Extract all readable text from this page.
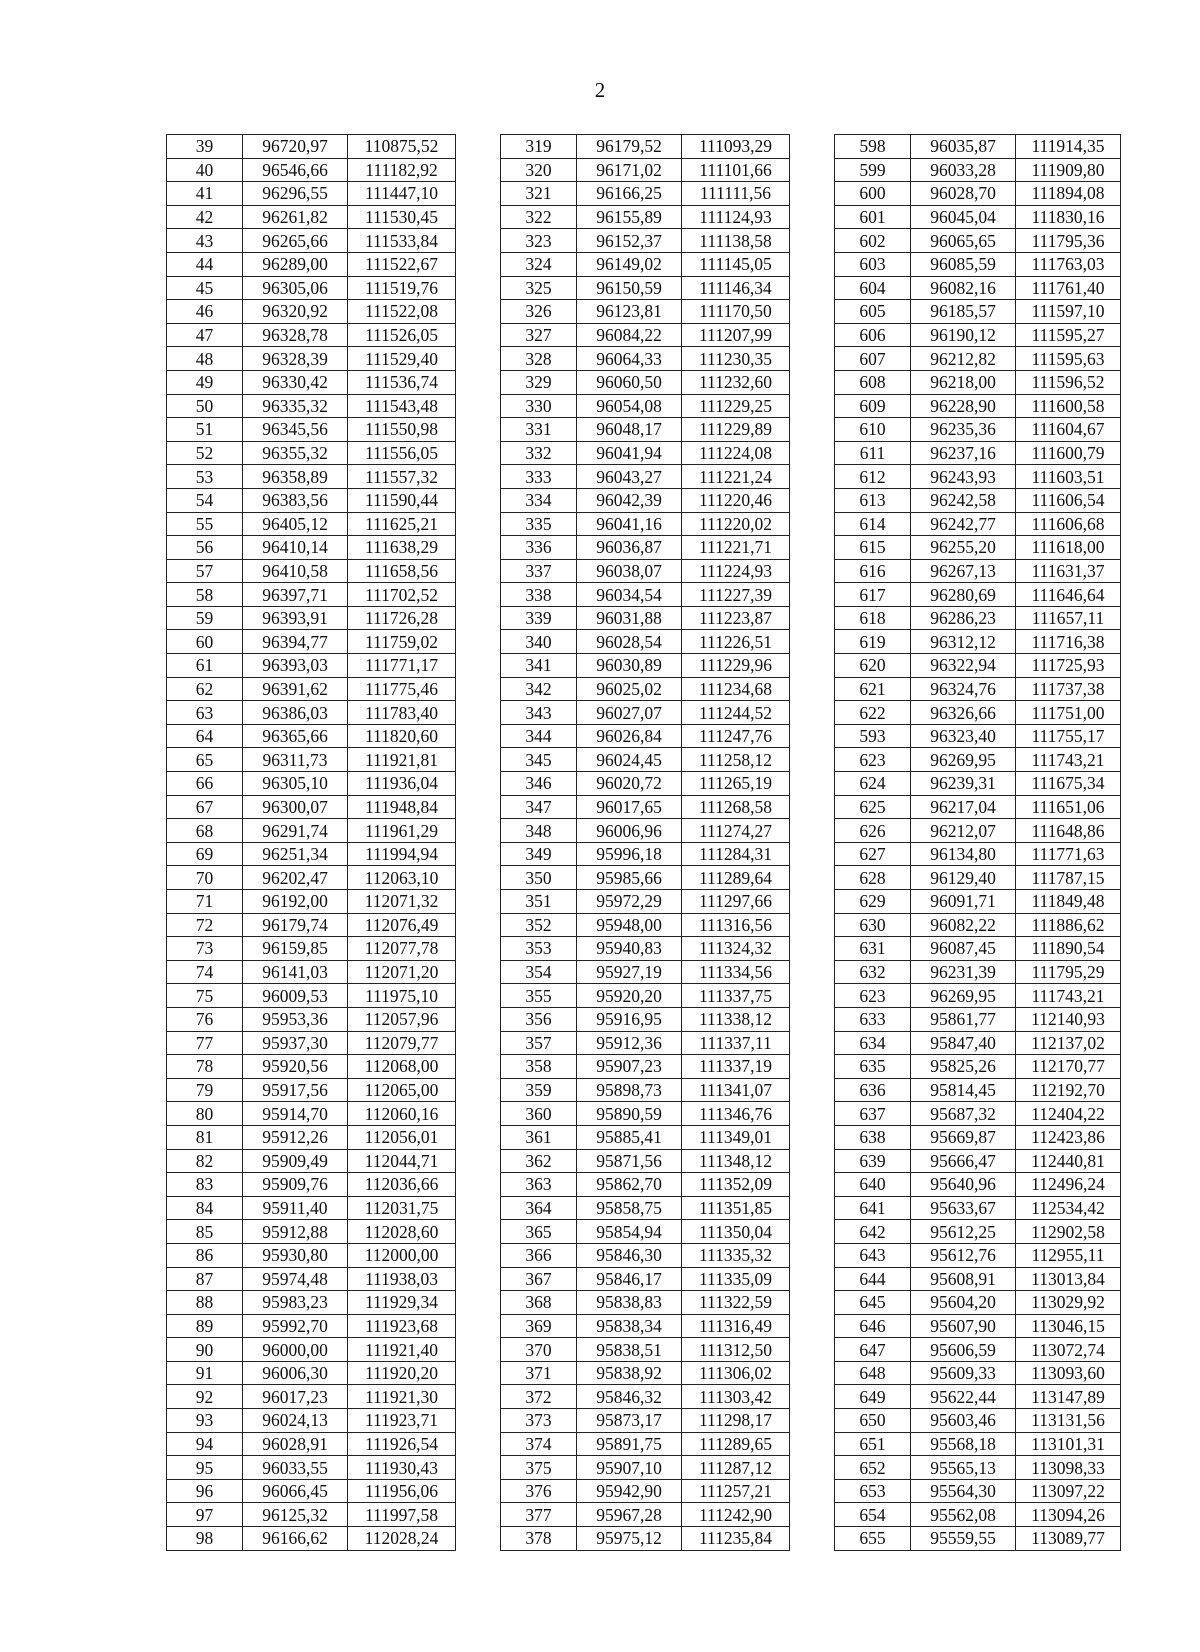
2
39	96720,97	110875,52		319	96179,52	111093,29		598	96035,87	111914,35
40	96546,66	111182,92		320	96171,02	111101,66		599	96033,28	111909,80
41	96296,55	111447,10		321	96166,25	111111,56		600	96028,70	111894,08
42	96261,82	111530,45		322	96155,89	111124,93		601	96045,04	111830,16
43	96265,66	111533,84		323	96152,37	111138,58		602	96065,65	111795,36
44	96289,00	111522,67		324	96149,02	111145,05		603	96085,59	111763,03
45	96305,06	111519,76		325	96150,59	111146,34		604	96082,16	111761,40
46	96320,92	111522,08		326	96123,81	111170,50		605	96185,57	111597,10
47	96328,78	111526,05		327	96084,22	111207,99		606	96190,12	111595,27
48	96328,39	111529,40		328	96064,33	111230,35		607	96212,82	111595,63
49	96330,42	111536,74		329	96060,50	111232,60		608	96218,00	111596,52
50	96335,32	111543,48		330	96054,08	111229,25		609	96228,90	111600,58
51	96345,56	111550,98		331	96048,17	111229,89		610	96235,36	111604,67
52	96355,32	111556,05		332	96041,94	111224,08		611	96237,16	111600,79
53	96358,89	111557,32		333	96043,27	111221,24		612	96243,93	111603,51
54	96383,56	111590,44		334	96042,39	111220,46		613	96242,58	111606,54
55	96405,12	111625,21		335	96041,16	111220,02		614	96242,77	111606,68
56	96410,14	111638,29		336	96036,87	111221,71		615	96255,20	111618,00
57	96410,58	111658,56		337	96038,07	111224,93		616	96267,13	111631,37
58	96397,71	111702,52		338	96034,54	111227,39		617	96280,69	111646,64
59	96393,91	111726,28		339	96031,88	111223,87		618	96286,23	111657,11
60	96394,77	111759,02		340	96028,54	111226,51		619	96312,12	111716,38
61	96393,03	111771,17		341	96030,89	111229,96		620	96322,94	111725,93
62	96391,62	111775,46		342	96025,02	111234,68		621	96324,76	111737,38
63	96386,03	111783,40		343	96027,07	111244,52		622	96326,66	111751,00
64	96365,66	111820,60		344	96026,84	111247,76		593	96323,40	111755,17
65	96311,73	111921,81		345	96024,45	111258,12		623	96269,95	111743,21
66	96305,10	111936,04		346	96020,72	111265,19		624	96239,31	111675,34
67	96300,07	111948,84		347	96017,65	111268,58		625	96217,04	111651,06
68	96291,74	111961,29		348	96006,96	111274,27		626	96212,07	111648,86
69	96251,34	111994,94		349	95996,18	111284,31		627	96134,80	111771,63
70	96202,47	112063,10		350	95985,66	111289,64		628	96129,40	111787,15
71	96192,00	112071,32		351	95972,29	111297,66		629	96091,71	111849,48
72	96179,74	112076,49		352	95948,00	111316,56		630	96082,22	111886,62
73	96159,85	112077,78		353	95940,83	111324,32		631	96087,45	111890,54
74	96141,03	112071,20		354	95927,19	111334,56		632	96231,39	111795,29
75	96009,53	111975,10		355	95920,20	111337,75		623	96269,95	111743,21
76	95953,36	112057,96		356	95916,95	111338,12		633	95861,77	112140,93
77	95937,30	112079,77		357	95912,36	111337,11		634	95847,40	112137,02
78	95920,56	112068,00		358	95907,23	111337,19		635	95825,26	112170,77
79	95917,56	112065,00		359	95898,73	111341,07		636	95814,45	112192,70
80	95914,70	112060,16		360	95890,59	111346,76		637	95687,32	112404,22
81	95912,26	112056,01		361	95885,41	111349,01		638	95669,87	112423,86
82	95909,49	112044,71		362	95871,56	111348,12		639	95666,47	112440,81
83	95909,76	112036,66		363	95862,70	111352,09		640	95640,96	112496,24
84	95911,40	112031,75		364	95858,75	111351,85		641	95633,67	112534,42
85	95912,88	112028,60		365	95854,94	111350,04		642	95612,25	112902,58
86	95930,80	112000,00		366	95846,30	111335,32		643	95612,76	112955,11
87	95974,48	111938,03		367	95846,17	111335,09		644	95608,91	113013,84
88	95983,23	111929,34		368	95838,83	111322,59		645	95604,20	113029,92
89	95992,70	111923,68		369	95838,34	111316,49		646	95607,90	113046,15
90	96000,00	111921,40		370	95838,51	111312,50		647	95606,59	113072,74
91	96006,30	111920,20		371	95838,92	111306,02		648	95609,33	113093,60
92	96017,23	111921,30		372	95846,32	111303,42		649	95622,44	113147,89
93	96024,13	111923,71		373	95873,17	111298,17		650	95603,46	113131,56
94	96028,91	111926,54		374	95891,75	111289,65		651	95568,18	113101,31
95	96033,55	111930,43		375	95907,10	111287,12		652	95565,13	113098,33
96	96066,45	111956,06		376	95942,90	111257,21		653	95564,30	113097,22
97	96125,32	111997,58		377	95967,28	111242,90		654	95562,08	113094,26
98	96166,62	112028,24		378	95975,12	111235,84		655	95559,55	113089,77
